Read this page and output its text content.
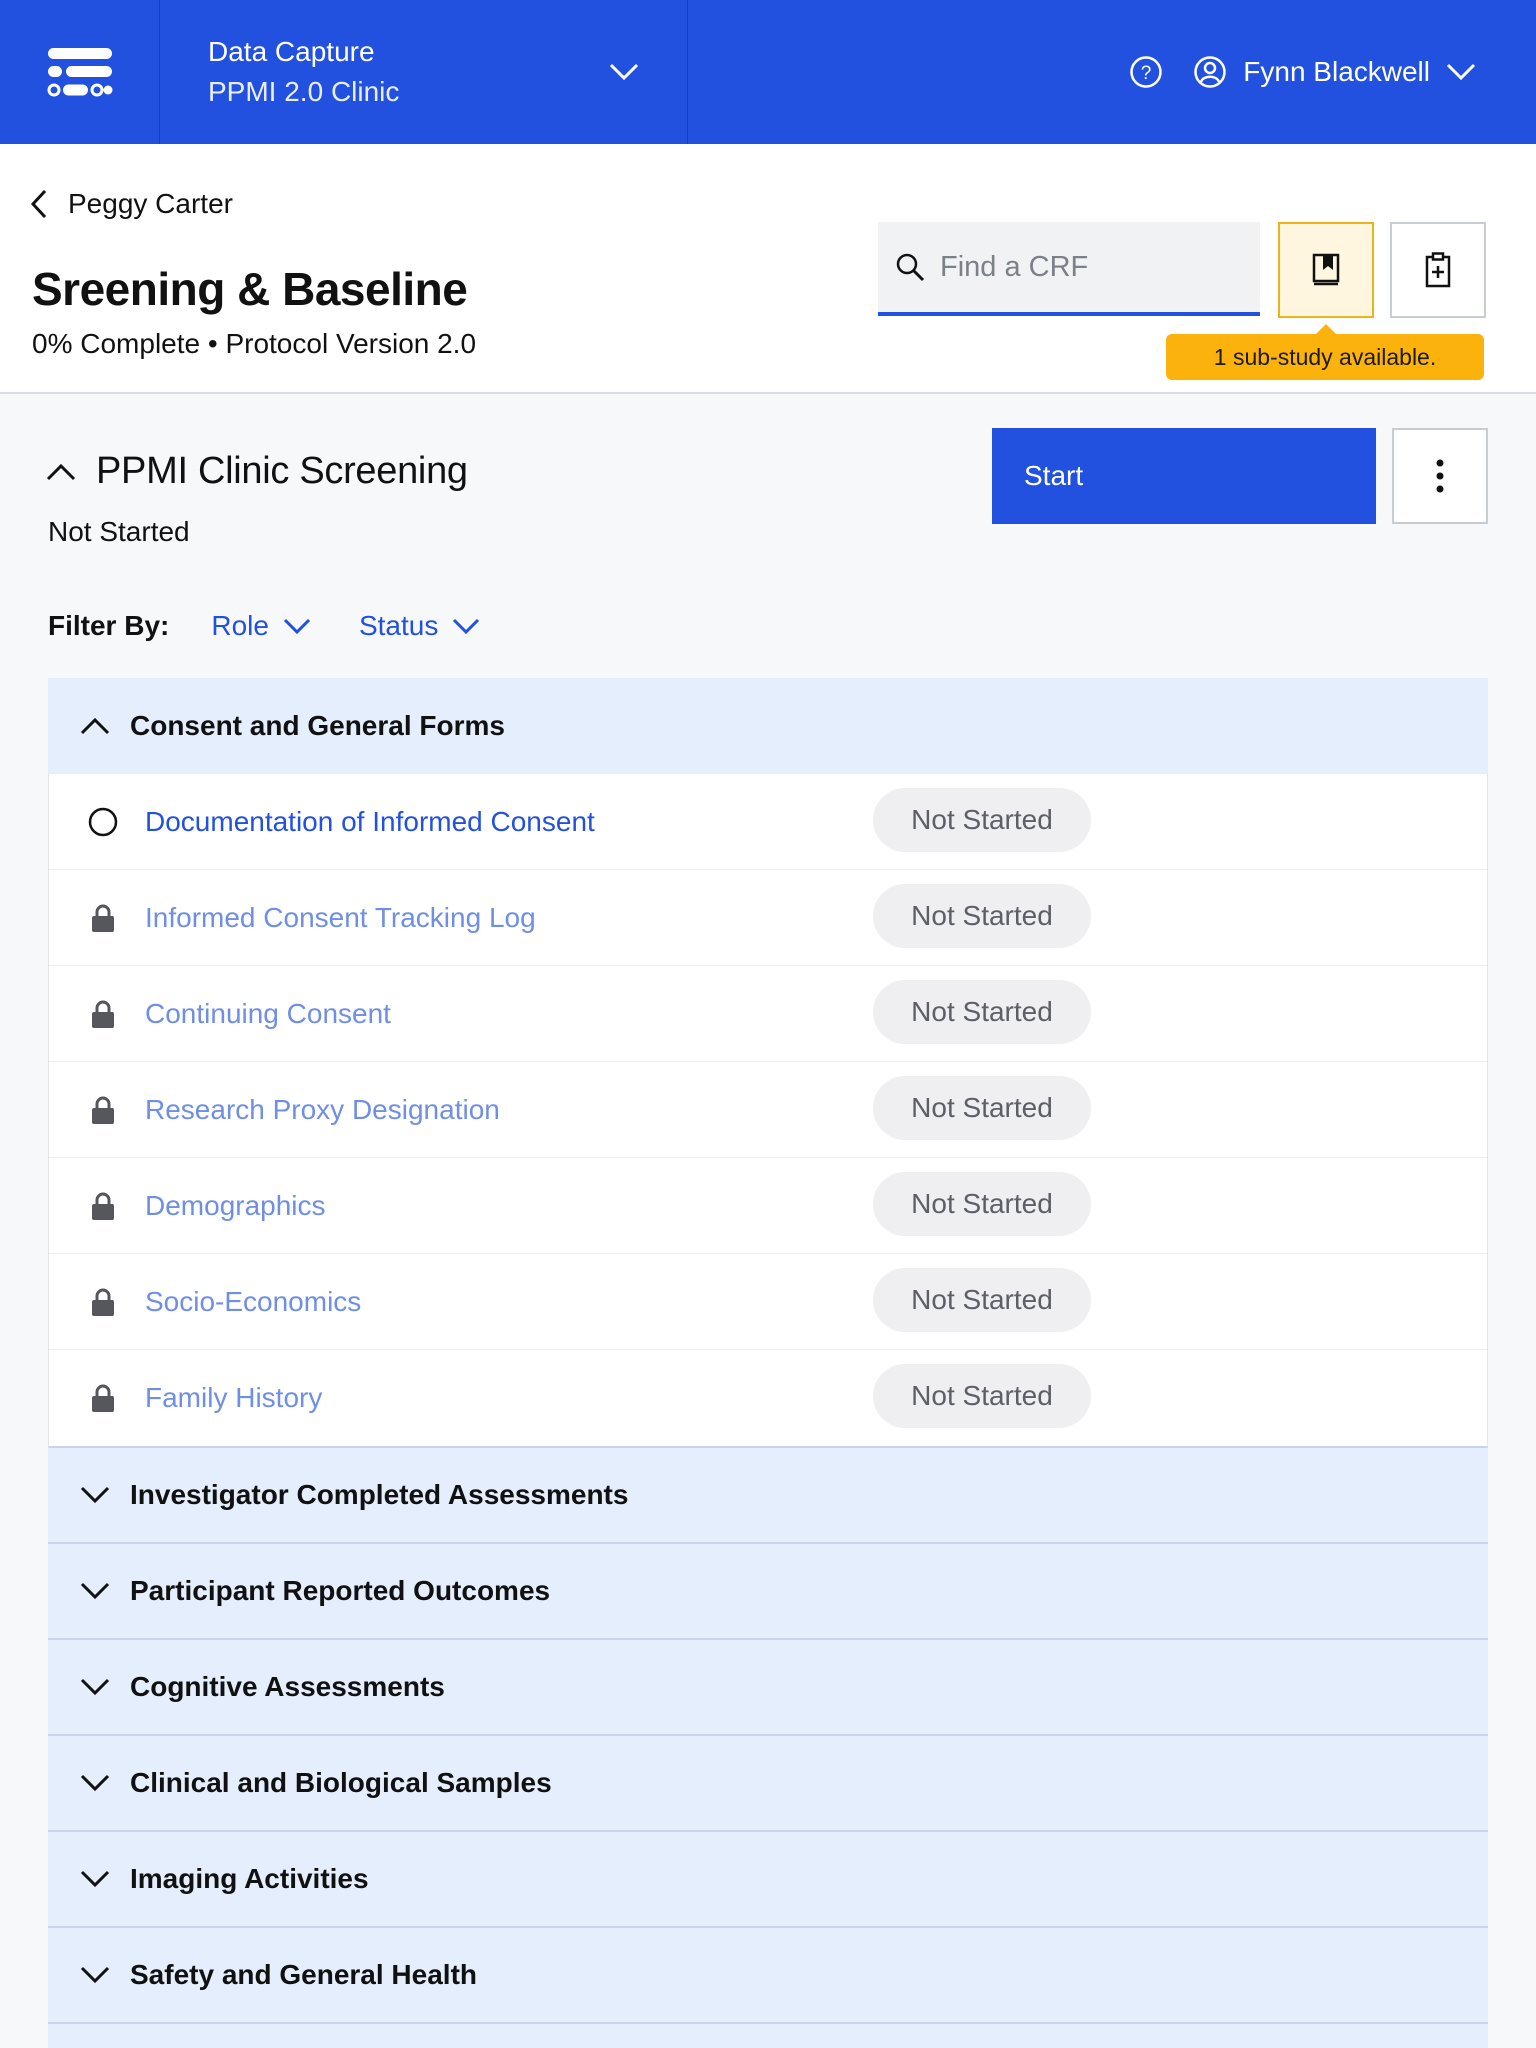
Data Capture
PPMI 2.0 Clinic
?	Fynn Blackwell
Peggy Carter
Sreening & Baseline
0% Complete • Protocol Version 2.0
Find a CRF	1 sub-study available.
PPMI Clinic Screening
Not Started
Start
Filter By: Role	Status
Consent and General Forms
Documentation of Informed Consent	Not Started
Informed Consent Tracking Log	Not Started
Continuing Consent	Not Started
Research Proxy Designation	Not Started
Demographics	Not Started
Socio-Economics	Not Started
Family History	Not Started
Investigator Completed Assessments
Participant Reported Outcomes
Cognitive Assessments
Clinical and Biological Samples
Imaging Activities
Safety and General Health
